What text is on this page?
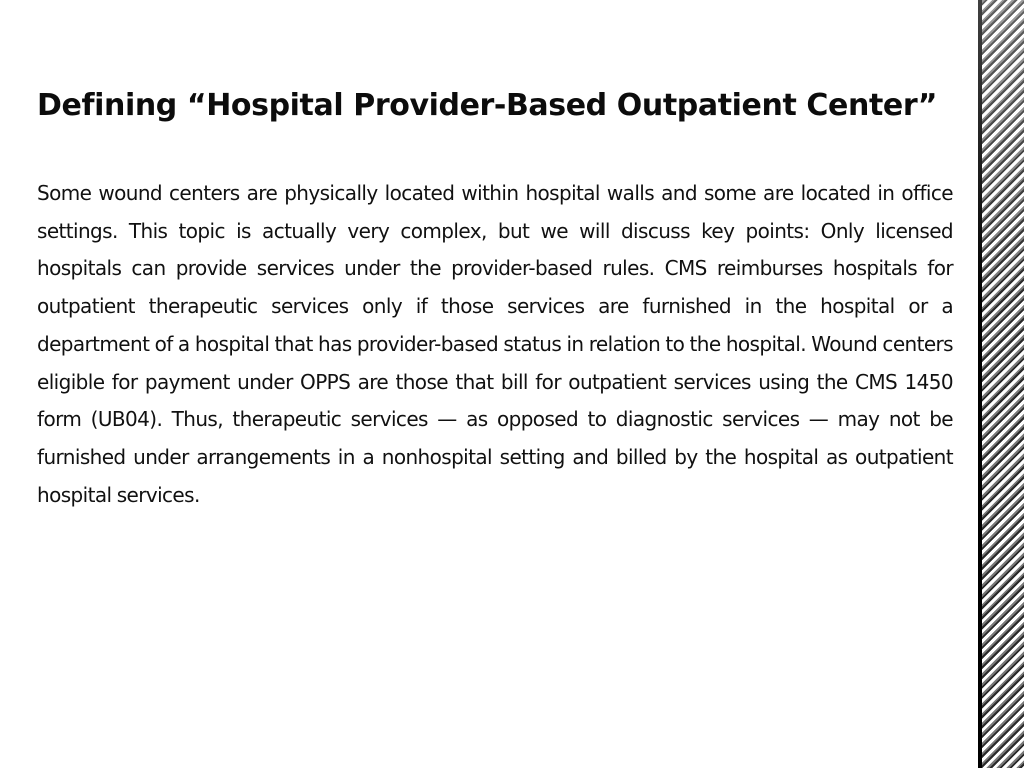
Defining “Hospital Provider-Based Outpatient Center”

Some wound centers are physically located within hospital walls and some are located in office settings. This topic is actually very complex, but we will discuss key points: Only licensed hospitals can provide services under the provider-based rules. CMS reimburses hospitals for outpatient therapeutic services only if those services are furnished in the hospital or a department of a hospital that has provider-based status in relation to the hospital. Wound centers eligible for payment under OPPS are those that bill for outpatient services using the CMS 1450 form (UB04). Thus, therapeutic services — as opposed to diagnostic services — may not be furnished under arrangements in a nonhospital setting and billed by the hospital as outpatient hospital services.
